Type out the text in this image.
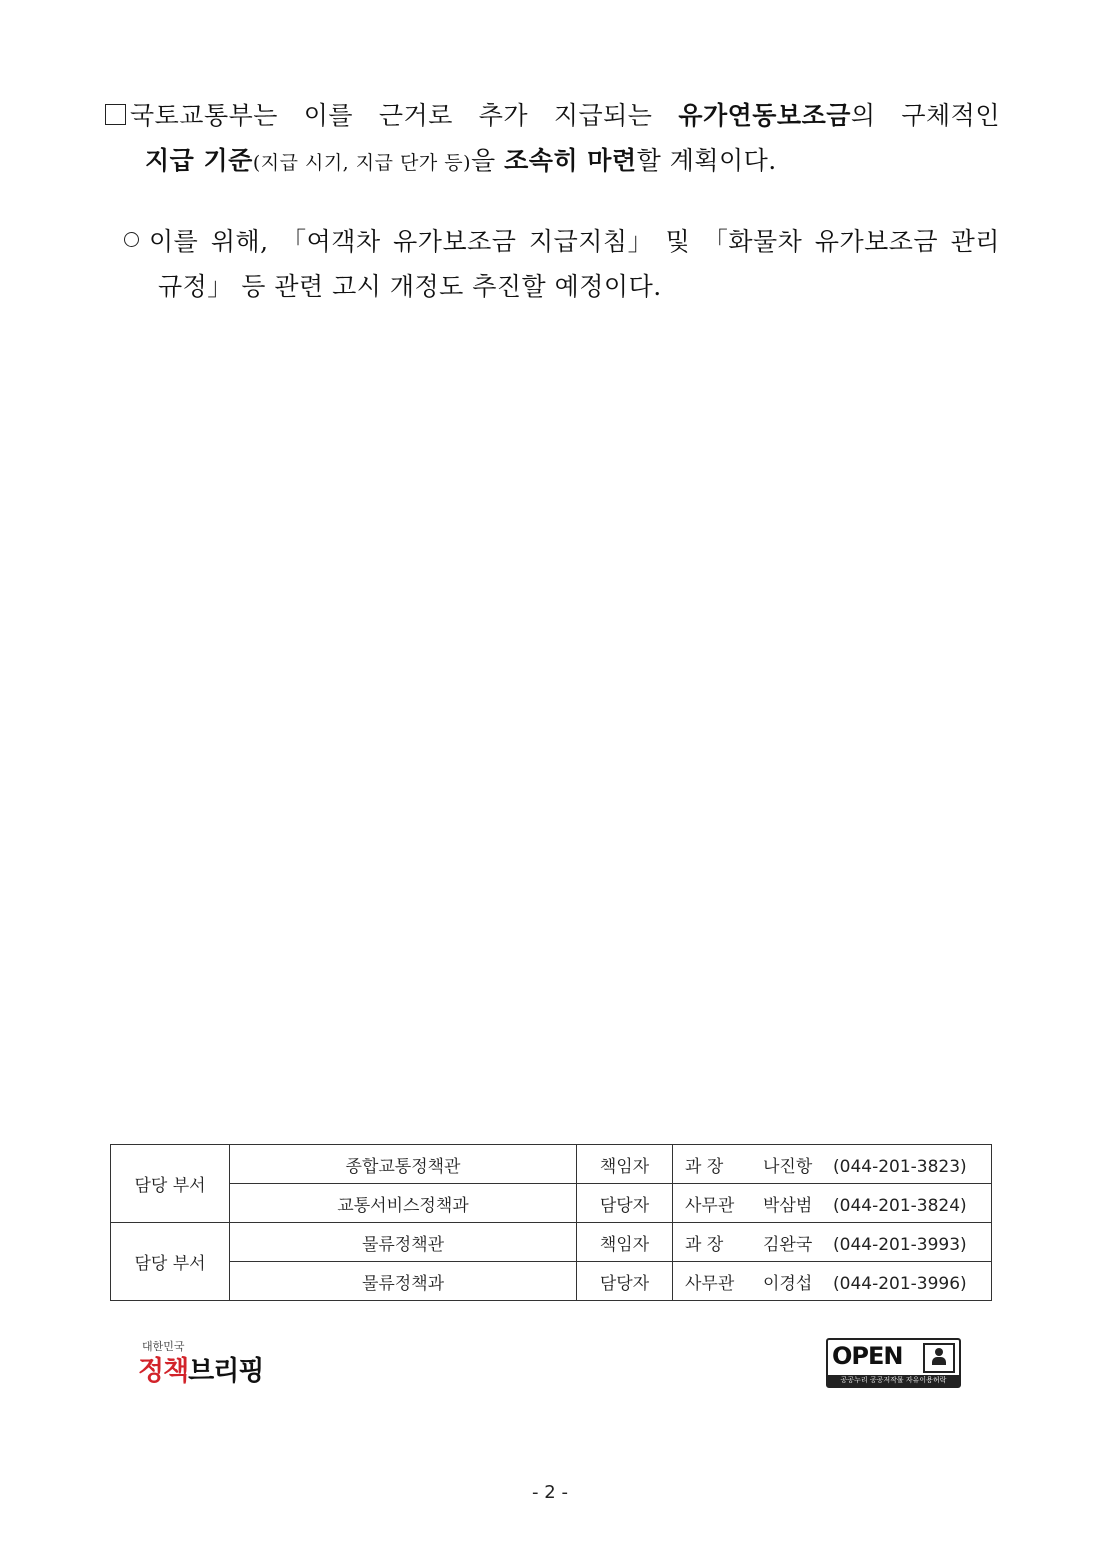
국토교통부는 이를 근거로 추가 지급되는 유가연동보조금의 구체적인
지급 기준(지급 시기, 지급 단가 등)을 조속히 마련할 계획이다.
이를 위해, 「여객차 유가보조금 지급지침」 및 「화물차 유가보조금 관리
규정」 등 관련 고시 개정도 추진할 예정이다.
담당 부서	종합교통정책관	책임자	과 장 나진항 (044-201-3823)
	교통서비스정책과	담당자	사무관 박삼범 (044-201-3824)
담당 부서	물류정책관	책임자	과 장 김완국 (044-201-3993)
	물류정책과	담당자	사무관 이경섭 (044-201-3996)
대한민국
정책브리핑	OPEN
공공누리 공공저작물 자유이용허락
- 2 -
